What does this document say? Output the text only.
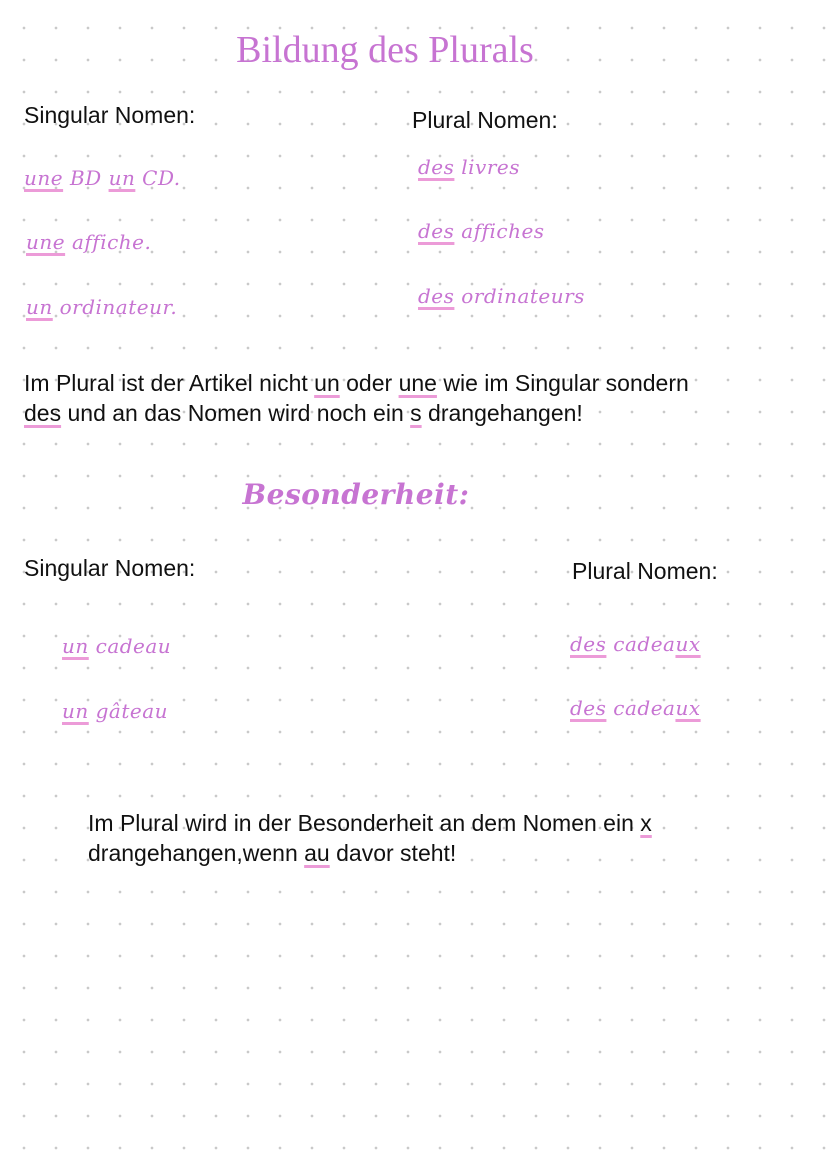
Bildung des Plurals
Singular Nomen:	Plural Nomen:
une BD un CD.
une affiche.
un ordinateur.
des livres
des affiches
des ordinateurs
Im Plural ist der Artikel nicht un oder une wie im Singular sondern
des und an das Nomen wird noch ein s drangehangen!
Besonderheit:
Singular Nomen:	Plural Nomen:
un cadeau
un gâteau
des cadeaux
des cadeaux
Im Plural wird in der Besonderheit an dem Nomen ein x
drangehangen,wenn au davor steht!
